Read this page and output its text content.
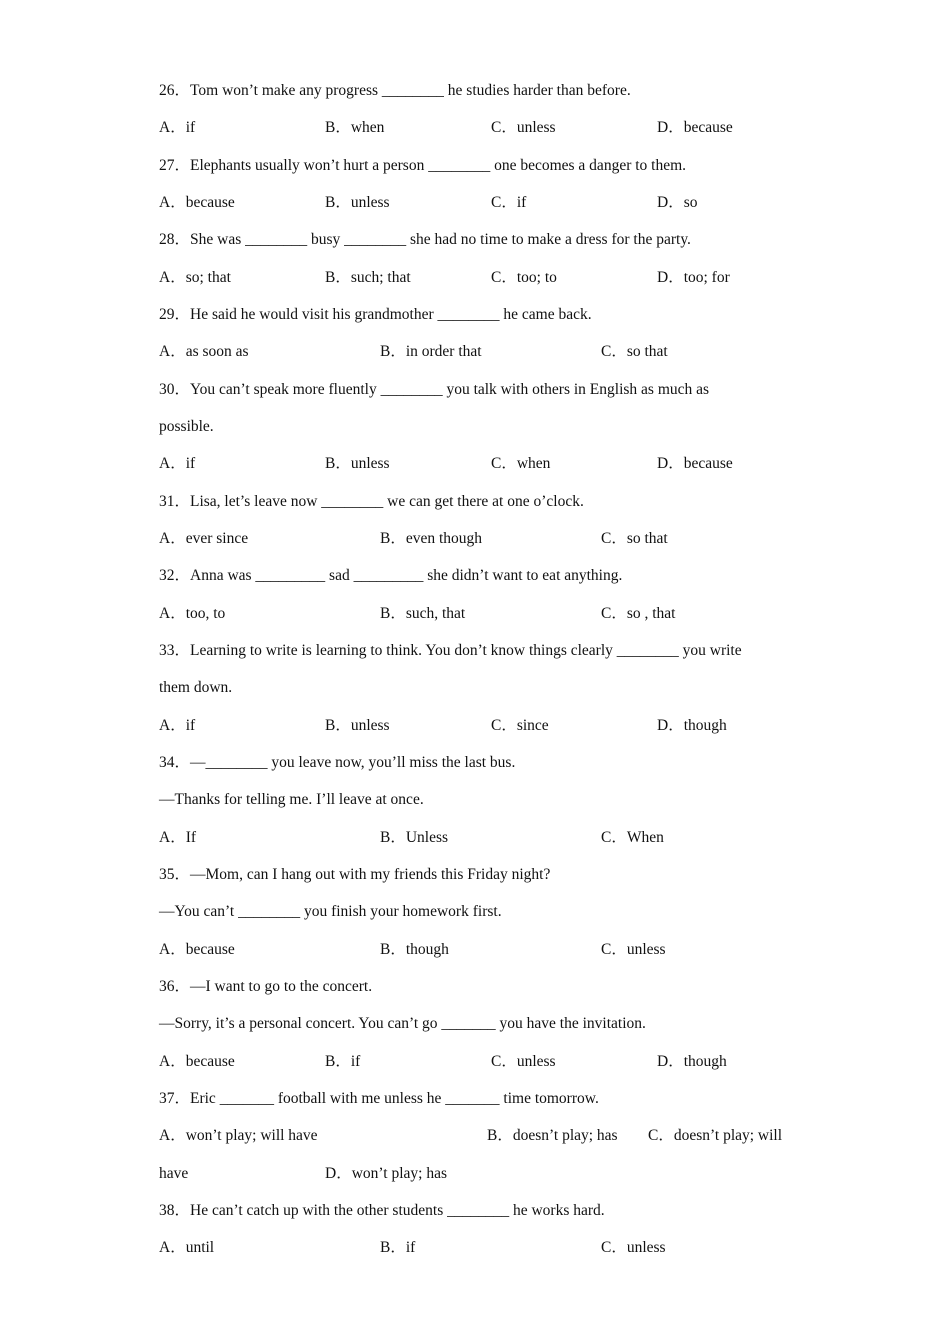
26．Tom won’t make any progress ________ he studies harder than before.
A．if	B．when	C．unless	D．because
27．Elephants usually won’t hurt a person ________ one becomes a danger to them.
A．because	B．unless	C．if	D．so
28．She was ________ busy ________ she had no time to make a dress for the party.
A．so; that	B．such; that	C．too; to	D．too; for
29．He said he would visit his grandmother ________ he came back.
A．as soon as	B．in order that	C．so that
30．You can’t speak more fluently ________ you talk with others in English as much as
possible.
A．if	B．unless	C．when	D．because
31．Lisa, let’s leave now ________ we can get there at one o’clock.
A．ever since	B．even though	C．so that
32．Anna was _________ sad _________ she didn’t want to eat anything.
A．too, to	B．such, that	C．so , that
33．Learning to write is learning to think. You don’t know things clearly ________ you write
them down.
A．if	B．unless	C．since	D．though
34．—________ you leave now, you’ll miss the last bus.
—Thanks for telling me. I’ll leave at once.
A．If	B．Unless	C．When
35．—Mom, can I hang out with my friends this Friday night?
—You can’t ________ you finish your homework first.
A．because	B．though	C．unless
36．—I want to go to the concert.
—Sorry, it’s a personal concert. You can’t go _______ you have the invitation.
A．because	B．if	C．unless	D．though
37．Eric _______ football with me unless he _______ time tomorrow.
A．won’t play; will have	B．doesn’t play; has C．doesn’t play; will
have	D．won’t play; has
38．He can’t catch up with the other students ________ he works hard.
A．until	B．if	C．unless
